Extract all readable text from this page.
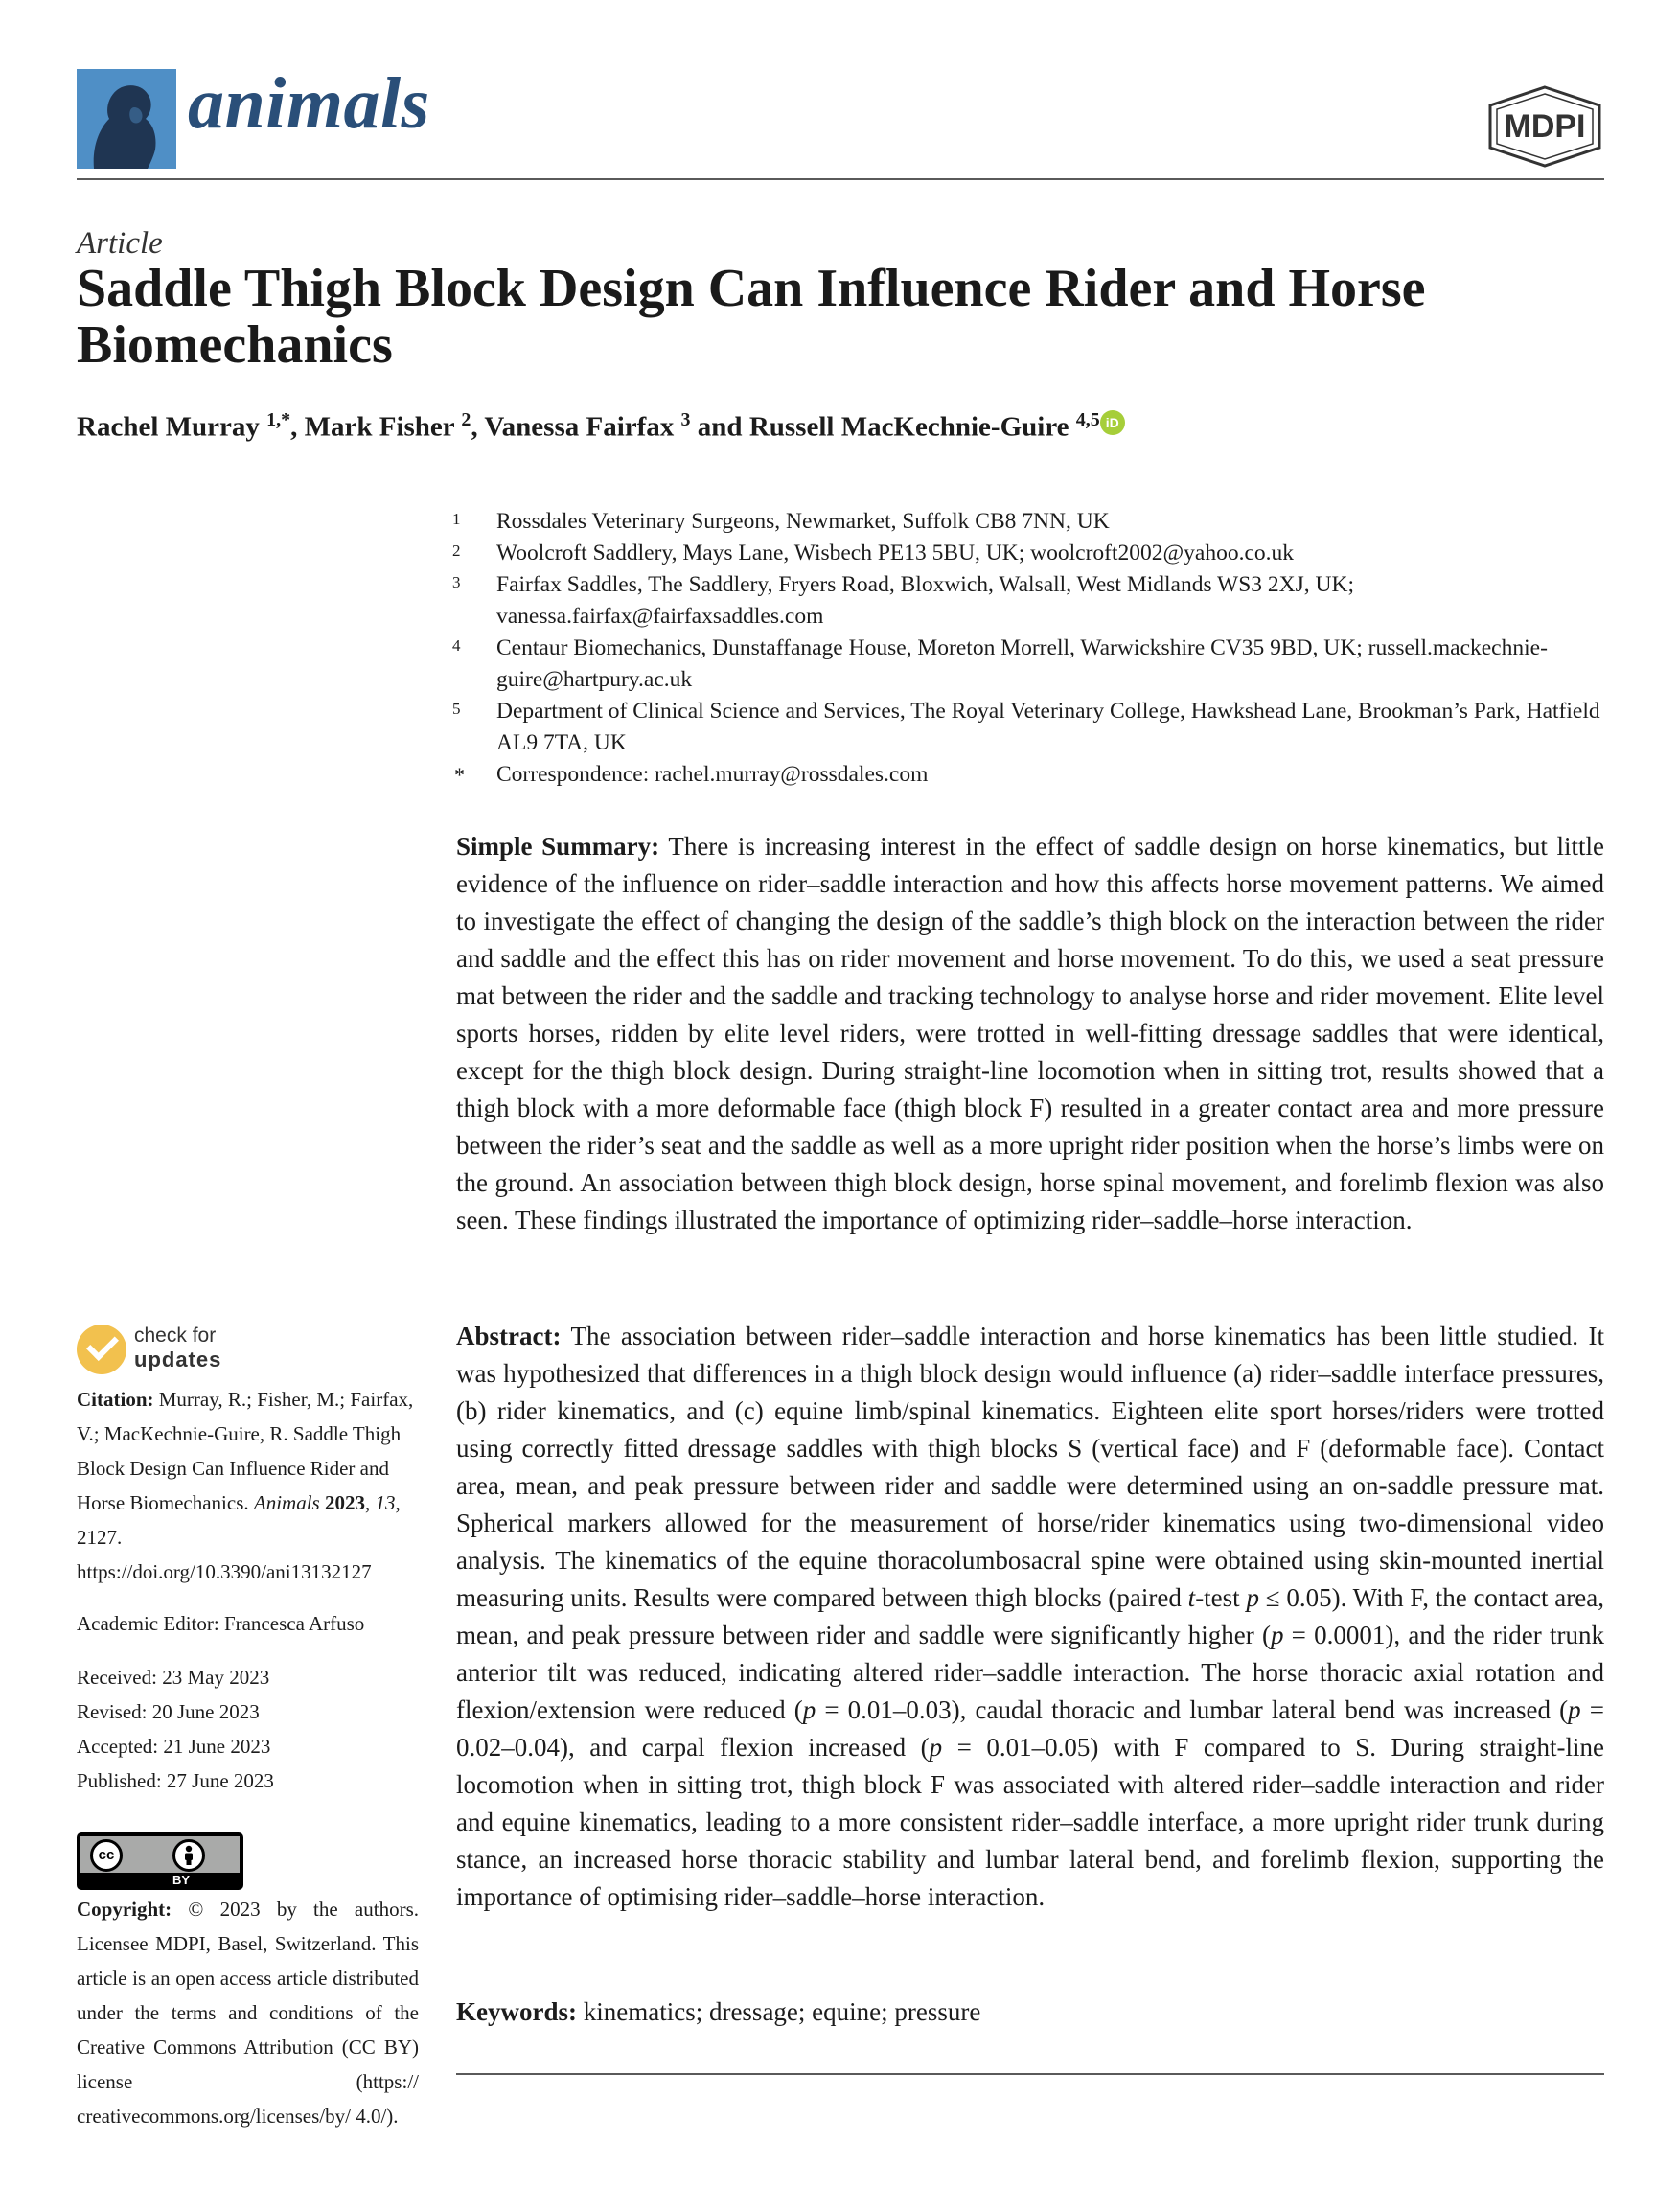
animals	MDPI
Article
Saddle Thigh Block Design Can Influence Rider and Horse Biomechanics
Rachel Murray $^{1,*}$, Mark Fisher $^2$, Vanessa Fairfax $^3$ and Russell MacKechnie-Guire $^{4,5}$ iD
1 Rossdales Veterinary Surgeons, Newmarket, Suffolk CB8 7NN, UK
2 Woolcroft Saddlery, Mays Lane, Wisbech PE13 5BU, UK; woolcroft2002@yahoo.co.uk
3 Fairfax Saddles, The Saddlery, Fryers Road, Bloxwich, Walsall, West Midlands WS3 2XJ, UK; vanessa.fairfax@fairfaxsaddles.com
4 Centaur Biomechanics, Dunstaffanage House, Moreton Morrell, Warwickshire CV35 9BD, UK; russell.mackechnie-guire@hartpury.ac.uk
5 Department of Clinical Science and Services, The Royal Veterinary College, Hawkshead Lane, Brookman’s Park, Hatfield AL9 7TA, UK
* Correspondence: rachel.murray@rossdales.com
Simple Summary: There is increasing interest in the effect of saddle design on horse kinematics, but little evidence of the influence on rider–saddle interaction and how this affects horse movement patterns. We aimed to investigate the effect of changing the design of the saddle’s thigh block on the interaction between the rider and saddle and the effect this has on rider movement and horse movement. To do this, we used a seat pressure mat between the rider and the saddle and tracking technology to analyse horse and rider movement. Elite level sports horses, ridden by elite level riders, were trotted in well-fitting dressage saddles that were identical, except for the thigh block design. During straight-line locomotion when in sitting trot, results showed that a thigh block with a more deformable face (thigh block F) resulted in a greater contact area and more pressure between the rider’s seat and the saddle as well as a more upright rider position when the horse’s limbs were on the ground. An association between thigh block design, horse spinal movement, and forelimb flexion was also seen. These findings illustrated the importance of optimizing rider–saddle–horse interaction.
Abstract: The association between rider–saddle interaction and horse kinematics has been little studied. It was hypothesized that differences in a thigh block design would influence (a) rider–saddle interface pressures, (b) rider kinematics, and (c) equine limb/spinal kinematics. Eighteen elite sport horses/riders were trotted using correctly fitted dressage saddles with thigh blocks S (vertical face) and F (deformable face). Contact area, mean, and peak pressure between rider and saddle were determined using an on-saddle pressure mat. Spherical markers allowed for the measurement of horse/rider kinematics using two-dimensional video analysis. The kinematics of the equine thoracolumbosacral spine were obtained using skin-mounted inertial measuring units. Results were compared between thigh blocks (paired t-test p ≤ 0.05). With F, the contact area, mean, and peak pressure between rider and saddle were significantly higher (p = 0.0001), and the rider trunk anterior tilt was reduced, indicating altered rider–saddle interaction. The horse thoracic axial rotation and flexion/extension were reduced (p = 0.01–0.03), caudal thoracic and lumbar lateral bend was increased (p = 0.02–0.04), and carpal flexion increased (p = 0.01–0.05) with F compared to S. During straight-line locomotion when in sitting trot, thigh block F was associated with altered rider–saddle interaction and rider and equine kinematics, leading to a more consistent rider–saddle interface, a more upright rider trunk during stance, an increased horse thoracic stability and lumbar lateral bend, and forelimb flexion, supporting the importance of optimising rider–saddle–horse interaction.
Keywords: kinematics; dressage; equine; pressure
check for
updates
Citation: Murray, R.; Fisher, M.; Fairfax, V.; MacKechnie-Guire, R. Saddle Thigh Block Design Can Influence Rider and Horse Biomechanics. Animals 2023, 13, 2127. https://doi.org/10.3390/ani13132127
Academic Editor: Francesca Arfuso
Received: 23 May 2023
Revised: 20 June 2023
Accepted: 21 June 2023
Published: 27 June 2023
cc
BY
Copyright: © 2023 by the authors. Licensee MDPI, Basel, Switzerland. This article is an open access article distributed under the terms and conditions of the Creative Commons Attribution (CC BY) license (https:// creativecommons.org/licenses/by/ 4.0/).
